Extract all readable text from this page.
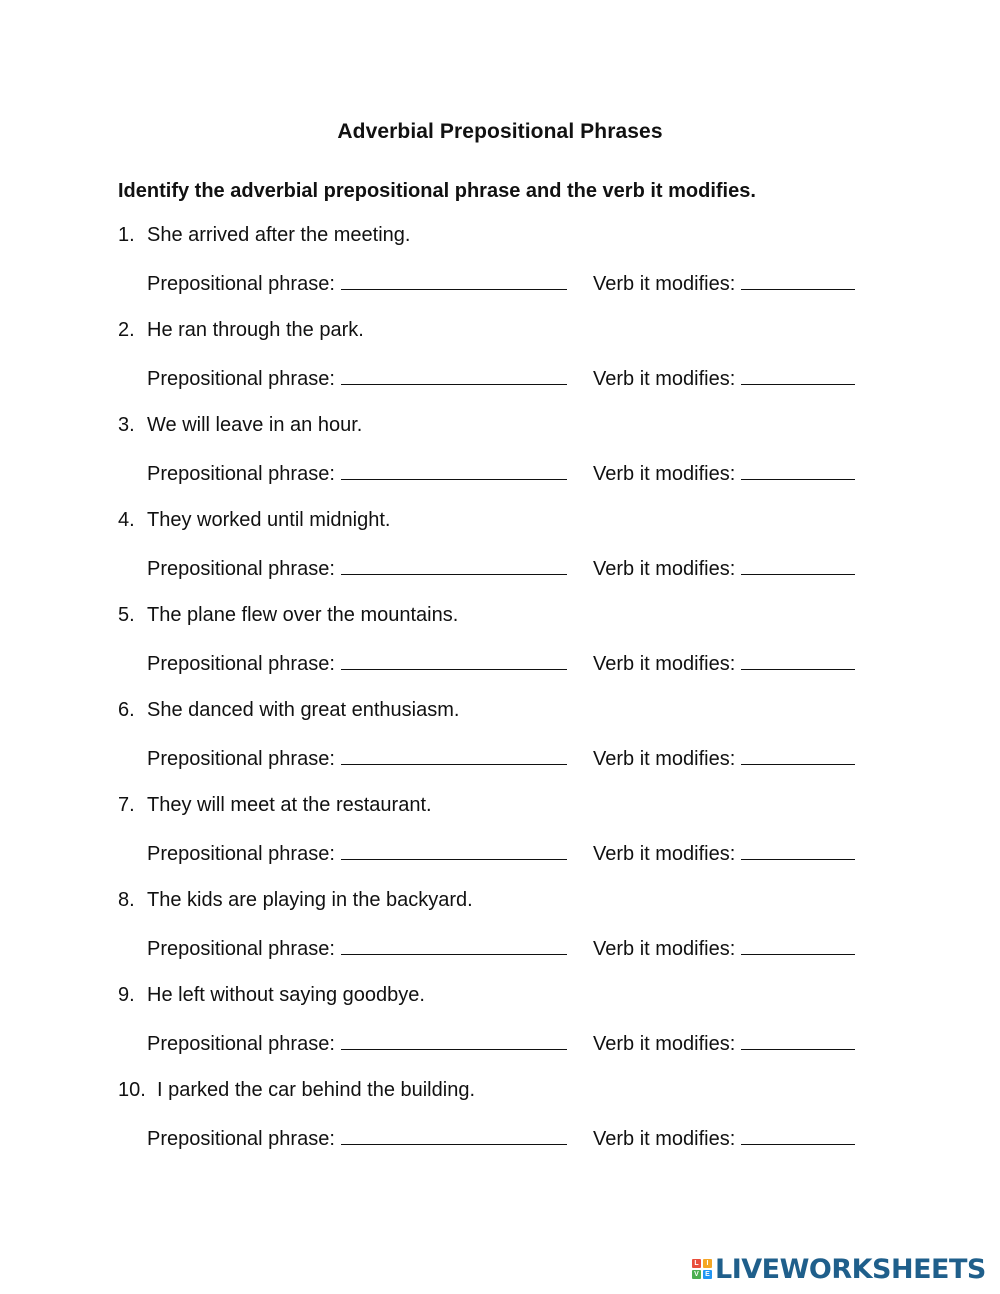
Adverbial Prepositional Phrases
Identify the adverbial prepositional phrase and the verb it modifies.
1. She arrived after the meeting.
Prepositional phrase:	Verb it modifies:
2. He ran through the park.
Prepositional phrase:	Verb it modifies:
3. We will leave in an hour.
Prepositional phrase:	Verb it modifies:
4. They worked until midnight.
Prepositional phrase:	Verb it modifies:
5. The plane flew over the mountains.
Prepositional phrase:	Verb it modifies:
6. She danced with great enthusiasm.
Prepositional phrase:	Verb it modifies:
7. They will meet at the restaurant.
Prepositional phrase:	Verb it modifies:
8. The kids are playing in the backyard.
Prepositional phrase:	Verb it modifies:
9. He left without saying goodbye.
Prepositional phrase:	Verb it modifies:
10. I parked the car behind the building.
Prepositional phrase:	Verb it modifies:
L	I
V E LIVEWORKSHEETS
